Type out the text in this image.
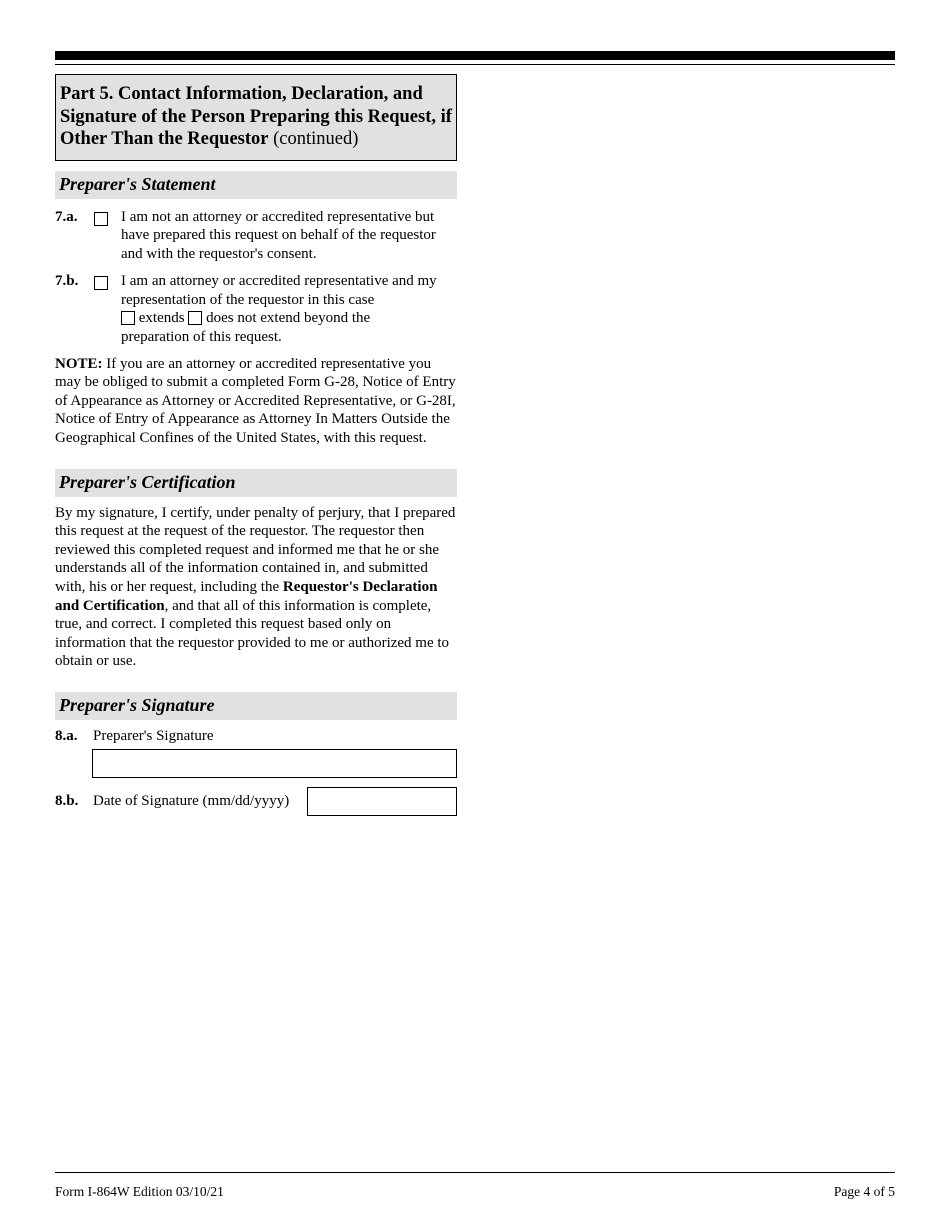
Part 5. Contact Information, Declaration, and Signature of the Person Preparing this Request, if Other Than the Requestor (continued)
Preparer's Statement
7.a.	I am not an attorney or accredited representative but have prepared this request on behalf of the requestor and with the requestor's consent.
7.b.	I am an attorney or accredited representative and my representation of the requestor in this case
extends does not extend beyond the
preparation of this request.

NOTE: If you are an attorney or accredited representative you may be obliged to submit a completed Form G-28, Notice of Entry of Appearance as Attorney or Accredited Representative, or G-28I, Notice of Entry of Appearance as Attorney In Matters Outside the Geographical Confines of the United States, with this request.

Preparer's Certification

By my signature, I certify, under penalty of perjury, that I prepared this request at the request of the requestor. The requestor then reviewed this completed request and informed me that he or she understands all of the information contained in, and submitted with, his or her request, including the Requestor's Declaration and Certification, and that all of this information is complete, true, and correct. I completed this request based only on information that the requestor provided to me or authorized me to obtain or use.

Preparer's Signature
8.a.	Preparer's Signature
8.b. Date of Signature (mm/dd/yyyy)
Form I-864W Edition 03/10/21	Page 4 of 5
